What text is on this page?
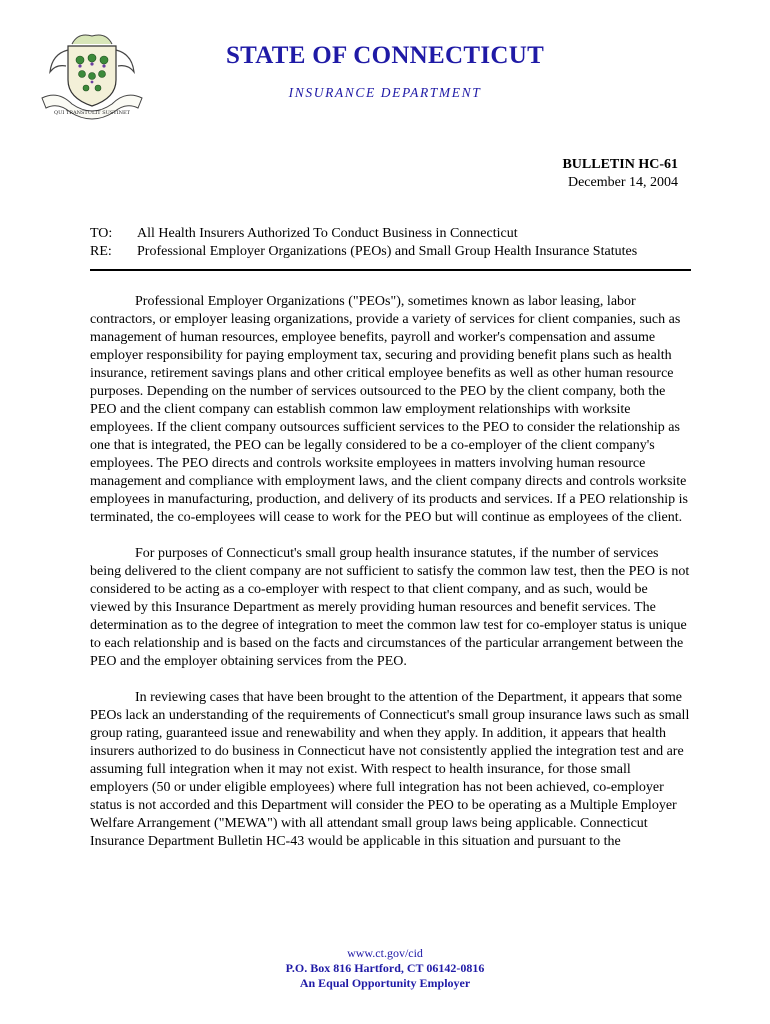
QUI TRANSTULIT SUSTINET
STATE OF CONNECTICUT
INSURANCE DEPARTMENT
BULLETIN HC-61
December 14, 2004
TO:	All Health Insurers Authorized To Conduct Business in Connecticut
RE:	Professional Employer Organizations (PEOs) and Small Group Health Insurance Statutes

Professional Employer Organizations ("PEOs"), sometimes known as labor leasing, labor contractors, or employer leasing organizations, provide a variety of services for client companies, such as management of human resources, employee benefits, payroll and worker's compensation and assume employer responsibility for paying employment tax, securing and providing benefit plans such as health insurance, retirement savings plans and other critical employee benefits as well as other human resource purposes. Depending on the number of services outsourced to the PEO by the client company, both the PEO and the client company can establish common law employment relationships with worksite employees. If the client company outsources sufficient services to the PEO to consider the relationship as one that is integrated, the PEO can be legally considered to be a co-employer of the client company's employees. The PEO directs and controls worksite employees in matters involving human resource management and compliance with employment laws, and the client company directs and controls worksite employees in manufacturing, production, and delivery of its products and services. If a PEO relationship is terminated, the co-employees will cease to work for the PEO but will continue as employees of the client.

For purposes of Connecticut's small group health insurance statutes, if the number of services being delivered to the client company are not sufficient to satisfy the common law test, then the PEO is not considered to be acting as a co-employer with respect to that client company, and as such, would be viewed by this Insurance Department as merely providing human resources and benefit services. The determination as to the degree of integration to meet the common law test for co-employer status is unique to each relationship and is based on the facts and circumstances of the particular arrangement between the PEO and the employer obtaining services from the PEO.

In reviewing cases that have been brought to the attention of the Department, it appears that some PEOs lack an understanding of the requirements of Connecticut's small group insurance laws such as small group rating, guaranteed issue and renewability and when they apply. In addition, it appears that health insurers authorized to do business in Connecticut have not consistently applied the integration test and are assuming full integration when it may not exist. With respect to health insurance, for those small employers (50 or under eligible employees) where full integration has not been achieved, co-employer status is not accorded and this Department will consider the PEO to be operating as a Multiple Employer Welfare Arrangement ("MEWA") with all attendant small group laws being applicable. Connecticut Insurance Department Bulletin HC-43 would be applicable in this situation and pursuant to the

www.ct.gov/cid
P.O. Box 816 Hartford, CT 06142-0816
An Equal Opportunity Employer
